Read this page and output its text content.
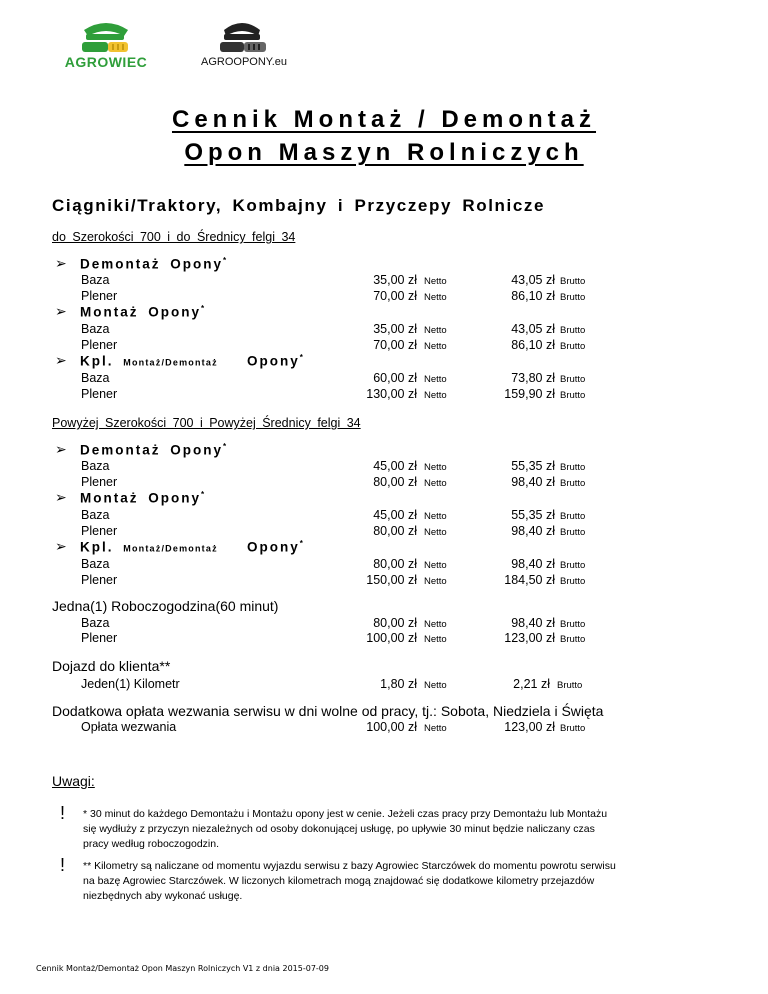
AGROWIEC	AGROOPONY.eu
Cennik Montaż / Demontaż
Opon Maszyn Rolniczych
Ciągniki/Traktory, Kombajny i Przyczepy Rolnicze
do Szerokości 700 i do Średnicy felgi 34
➢ Demontaż Opony*
Baza	35,00 zł Netto	43,05 zł Brutto
Plener	70,00 zł Netto	86,10 zł Brutto
➢ Montaż Opony*
Baza	35,00 zł Netto	43,05 zł Brutto
Plener	70,00 zł Netto	86,10 zł Brutto
➢ Kpl. Montaż/Demontaż Opony*
Baza	60,00 zł Netto	73,80 zł Brutto
Plener	130,00 zł Netto	159,90 zł Brutto
Powyżej Szerokości 700 i Powyżej Średnicy felgi 34
➢ Demontaż Opony*
Baza	45,00 zł Netto	55,35 zł Brutto
Plener	80,00 zł Netto	98,40 zł Brutto
➢ Montaż Opony*
Baza	45,00 zł Netto	55,35 zł Brutto
Plener	80,00 zł Netto	98,40 zł Brutto
➢ Kpl. Montaż/Demontaż Opony*
Baza	80,00 zł Netto	98,40 zł Brutto
Plener	150,00 zł Netto	184,50 zł Brutto
Jedna(1) Roboczogodzina(60 minut)
Baza	80,00 zł Netto	98,40 zł Brutto
Plener	100,00 zł Netto	123,00 zł Brutto
Dojazd do klienta**
Jeden(1) Kilometr	1,80 zł Netto	2,21 zł Brutto
Dodatkowa opłata wezwania serwisu w dni wolne od pracy, tj.: Sobota, Niedziela i Święta
Opłata wezwania	100,00 zł Netto	123,00 zł Brutto
Uwagi:
! * 30 minut do każdego Demontażu i Montażu opony jest w cenie. Jeżeli czas pracy przy Demontażu lub Montażu
się wydłuży z przyczyn niezależnych od osoby dokonującej usługę, po upływie 30 minut będzie naliczany czas
pracy według roboczogodzin.
! ** Kilometry są naliczane od momentu wyjazdu serwisu z bazy Agrowiec Starczówek do momentu powrotu serwisu
na bazę Agrowiec Starczówek. W liczonych kilometrach mogą znajdować się dodatkowe kilometry przejazdów
niezbędnych aby wykonać usługę.
Cennik Montaż/Demontaż Opon Maszyn Rolniczych V1 z dnia 2015-07-09
